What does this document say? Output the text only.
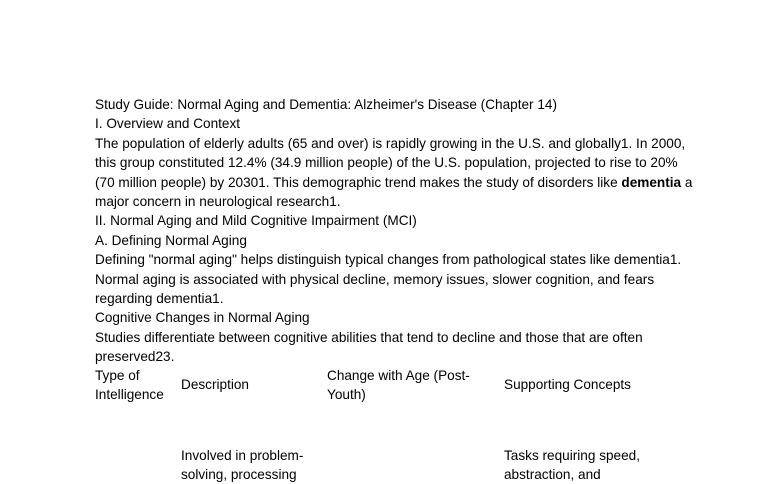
Study Guide: Normal Aging and Dementia: Alzheimer's Disease (Chapter 14)

I. Overview and Context

The population of elderly adults (65 and over) is rapidly growing in the U.S. and globally1. In 2000, this group constituted 12.4% (34.9 million people) of the U.S. population, projected to rise to 20% (70 million people) by 20301. This demographic trend makes the study of disorders like dementia a major concern in neurological research1.

II. Normal Aging and Mild Cognitive Impairment (MCI)

A. Defining Normal Aging

Defining "normal aging" helps distinguish typical changes from pathological states like dementia1. Normal aging is associated with physical decline, memory issues, slower cognition, and fears regarding dementia1.

Cognitive Changes in Normal Aging

Studies differentiate between cognitive abilities that tend to decline and those that are often preserved23.

Type of Intelligence
Description
Change with Age (Post-Youth)
Supporting Concepts
Involved in problem-solving, processing
Tasks requiring speed, abstraction, and
